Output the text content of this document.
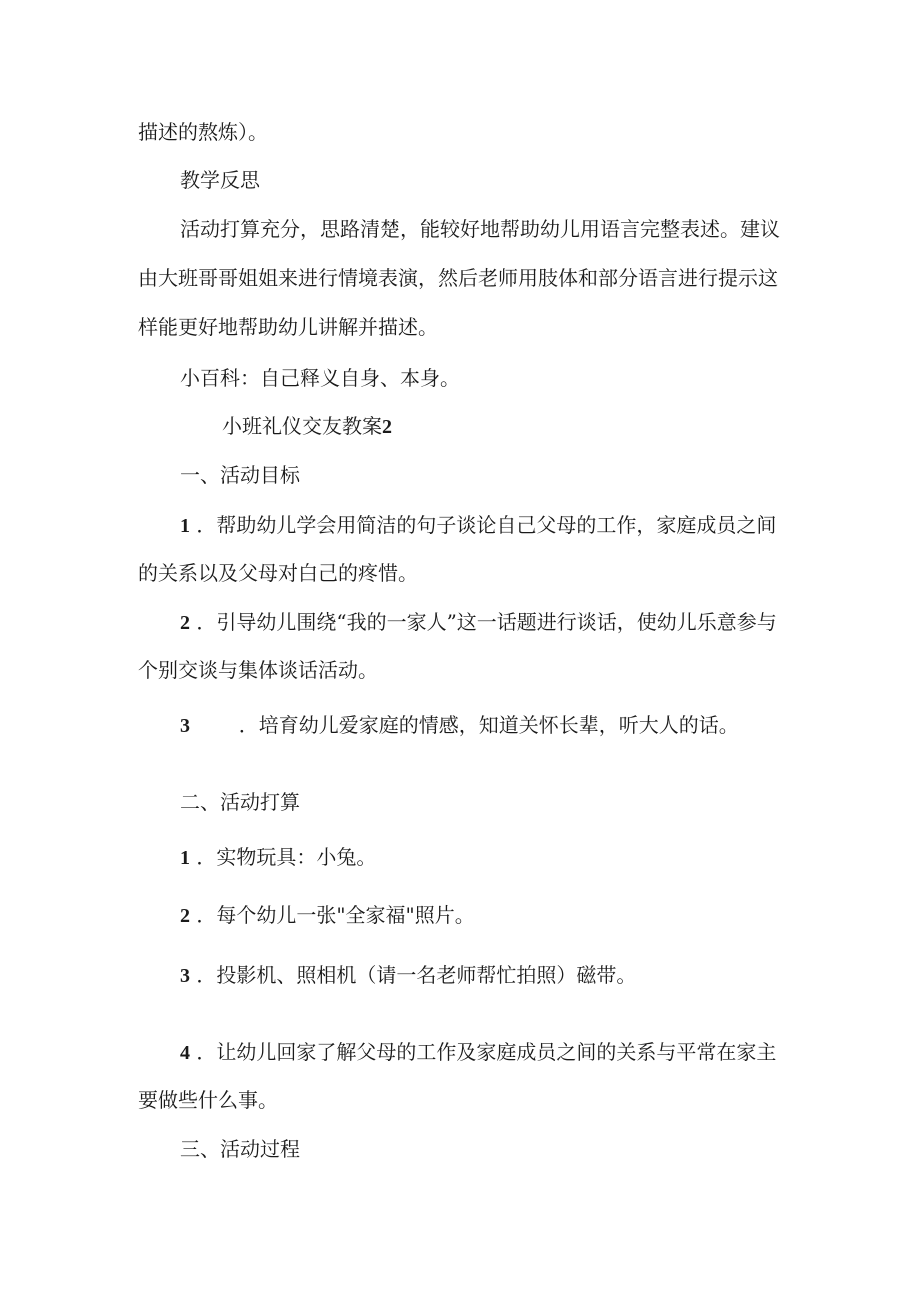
描述的熬炼）。
教学反思
活动打算充分，思路清楚，能较好地帮助幼儿用语言完整表述。建议
由大班哥哥姐姐来进行情境表演，然后老师用肢体和部分语言进行提示这
样能更好地帮助幼儿讲解并描述。
小百科：自己释义自身、本身。
小班礼仪交友教案2
一、活动目标
1 ．帮助幼儿学会用简洁的句子谈论自己父母的工作，家庭成员之间
的关系以及父母对白己的疼惜。
2 ．引导幼儿围绕“我的一家人”这一话题进行谈话，使幼儿乐意参与
个别交谈与集体谈话活动。
3 ．培育幼儿爱家庭的情感，知道关怀长辈，听大人的话。
二、活动打算
1 ．实物玩具：小兔。
2 ．每个幼儿一张"全家福"照片。
3 ．投影机、照相机（请一名老师帮忙拍照）磁带。
4 ．让幼儿回家了解父母的工作及家庭成员之间的关系与平常在家主
要做些什么事。
三、活动过程
